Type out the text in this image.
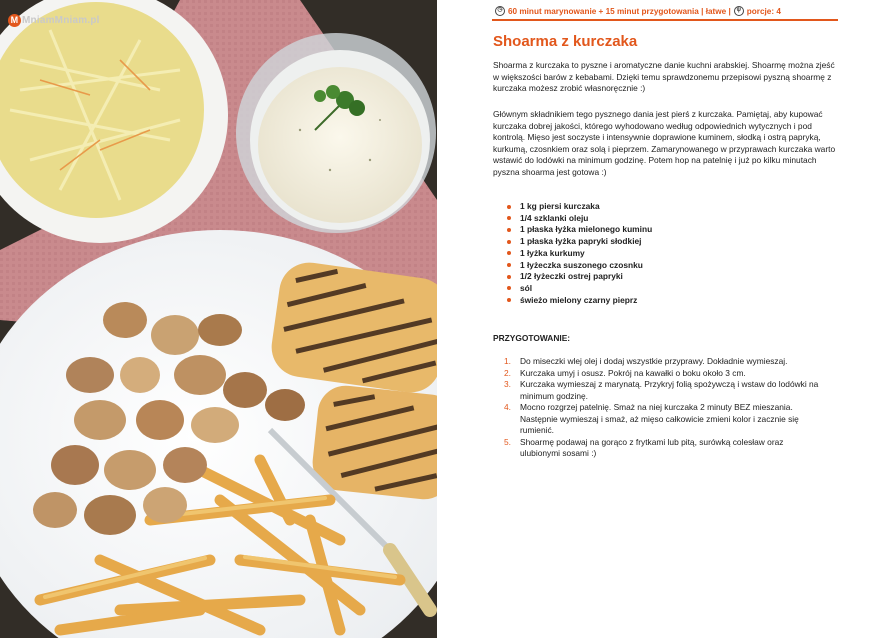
M MniamMniam.pl
◷ 60 minut marynowanie + 15 minut przygotowania | łatwe | ψ porcje: 4
Shoarma z kurczaka
Shoarma z kurczaka to pyszne i aromatyczne danie kuchni arabskiej. Shoarmę można zjeść w większości barów z kebabami. Dzięki temu sprawdzonemu przepisowi pyszną shoarmę z kurczaka możesz zrobić własnoręcznie :)
Głównym składnikiem tego pysznego dania jest pierś z kurczaka. Pamiętaj, aby kupować kurczaka dobrej jakości, którego wyhodowano według odpowiednich wytycznych i pod kontrolą. Mięso jest soczyste i intensywnie doprawione kuminem, słodką i ostrą papryką, kurkumą, czosnkiem oraz solą i pieprzem. Zamarynowanego w przyprawach kurczaka warto wstawić do lodówki na minimum godzinę. Potem hop na patelnię i już po kilku minutach pyszna shoarma jest gotowa :)
1 kg piersi kurczaka
1/4 szklanki oleju
1 płaska łyżka mielonego kuminu
1 płaska łyżka papryki słodkiej
1 łyżka kurkumy
1 łyżeczka suszonego czosnku
1/2 łyżeczki ostrej papryki
sól
świeżo mielony czarny pieprz
PRZYGOTOWANIE:
1. Do miseczki wlej olej i dodaj wszystkie przyprawy. Dokładnie wymieszaj.
2. Kurczaka umyj i osusz. Pokrój na kawałki o boku około 3 cm.
3. Kurczaka wymieszaj z marynatą. Przykryj folią spożywczą i wstaw do lodówki na minimum godzinę.
4. Mocno rozgrzej patelnię. Smaż na niej kurczaka 2 minuty BEZ mieszania. Następnie wymieszaj i smaż, aż mięso całkowicie zmieni kolor i zacznie się rumienić.
5. Shoarmę podawaj na gorąco z frytkami lub pitą, surówką colesław oraz ulubionymi sosami :)
